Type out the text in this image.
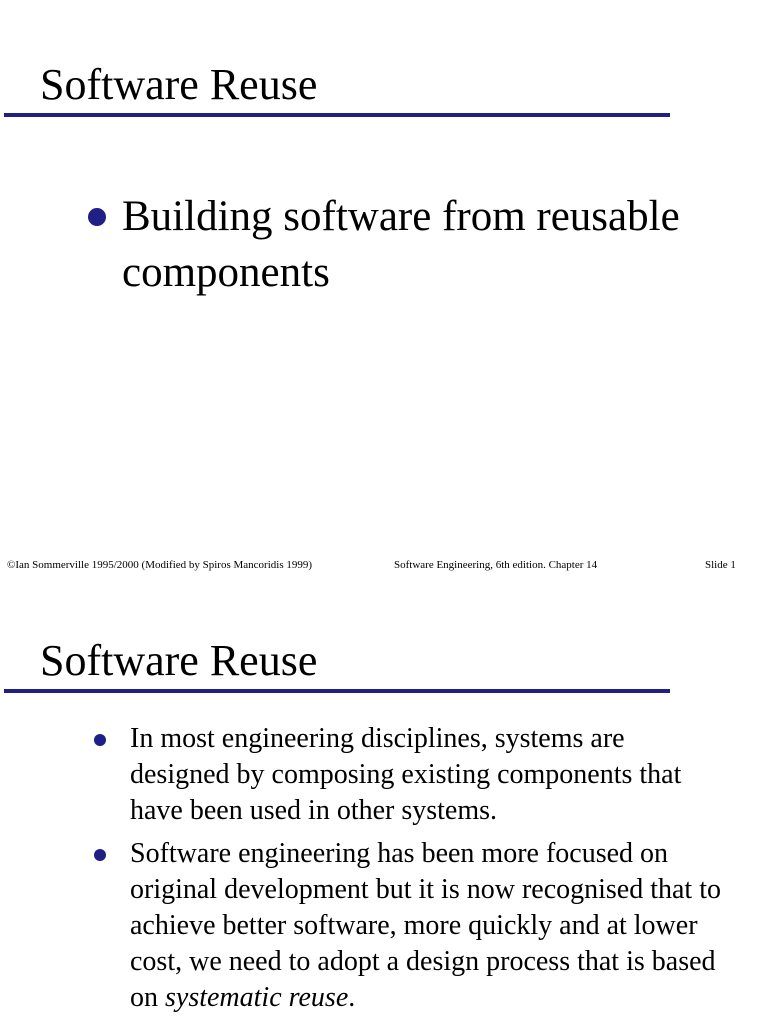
Software Reuse
Building software from reusable components
©Ian Sommerville 1995/2000 (Modified by Spiros Mancoridis 1999)	Software Engineering, 6th edition. Chapter 14	Slide 1
Software Reuse
In most engineering disciplines, systems are designed by composing existing components that have been used in other systems.
Software engineering has been more focused on original development but it is now recognised that to achieve better software, more quickly and at lower cost, we need to adopt a design process that is based on systematic reuse.
